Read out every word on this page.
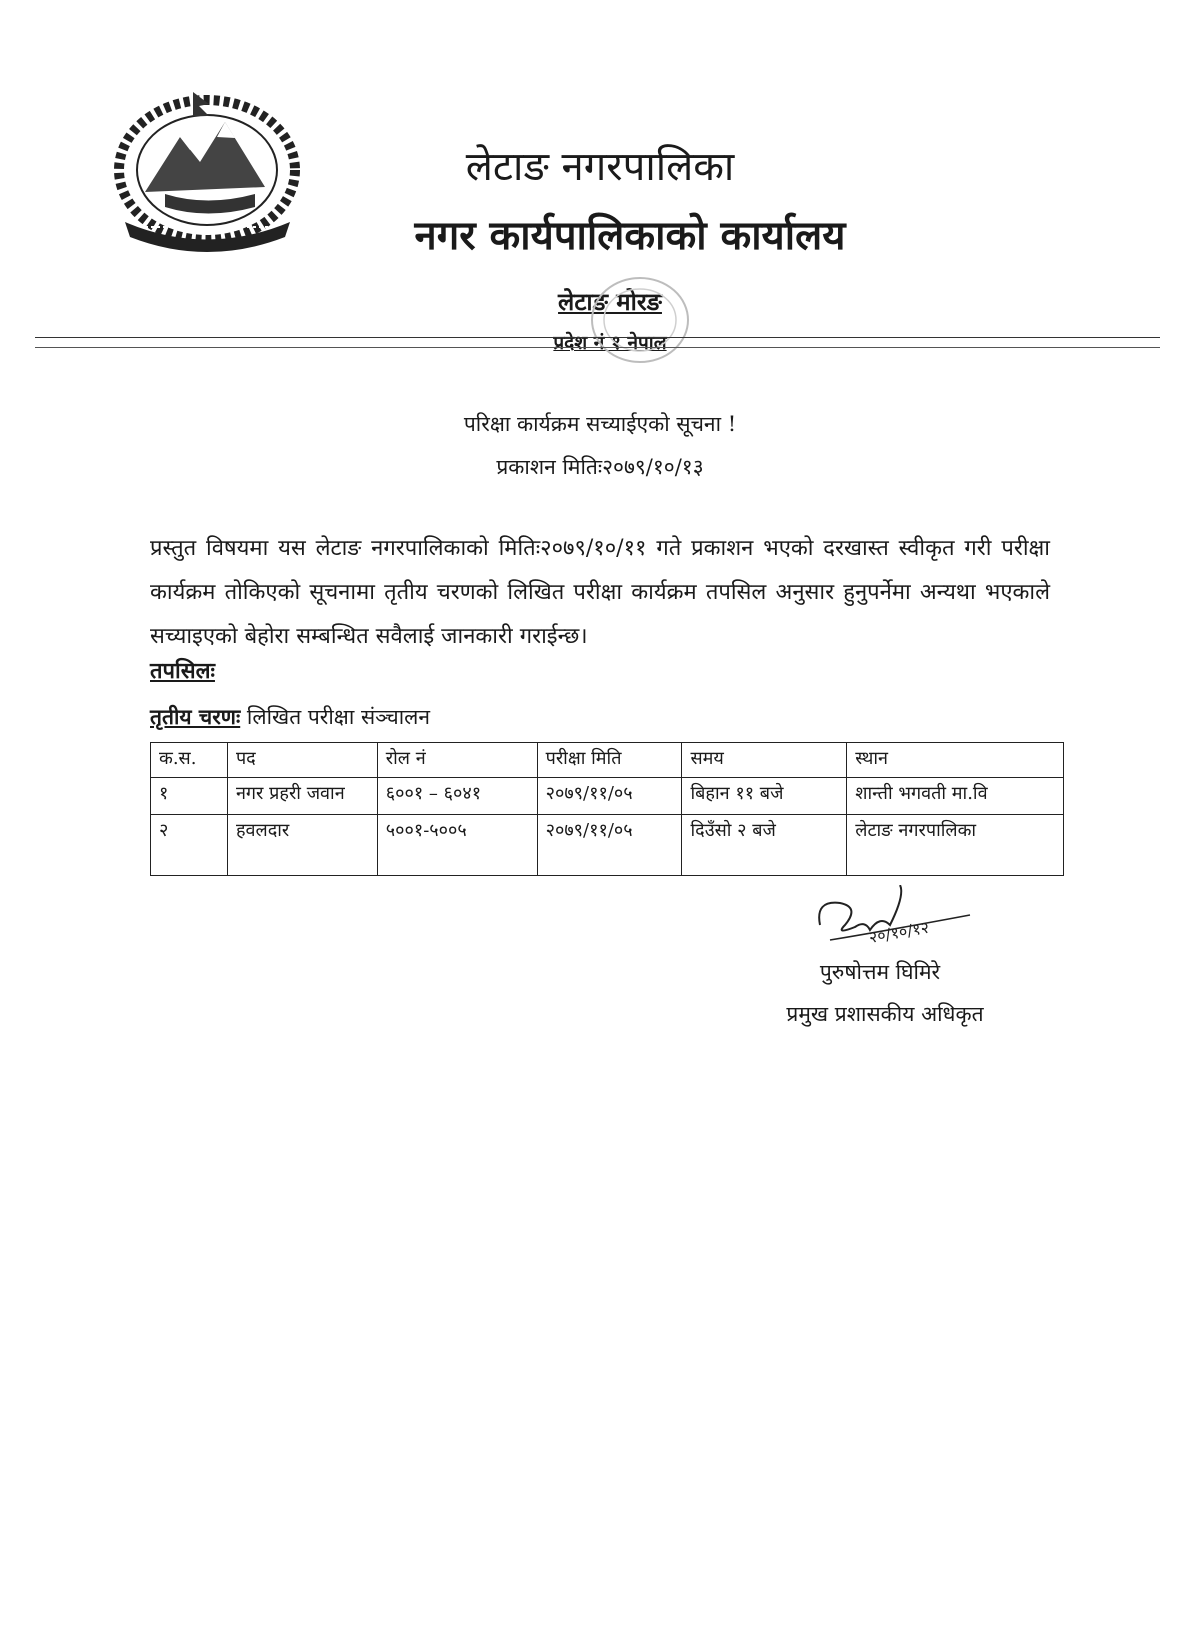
लेटाङ नगरपालिका
नगर कार्यपालिकाको कार्यालय
लेटाङ मोरङ
प्रदेश नं १ नेपाल
परिक्षा कार्यक्रम सच्याईएको सूचना !
प्रकाशन मितिः२०७९/१०/१३
प्रस्तुत विषयमा यस लेटाङ नगरपालिकाको मितिः२०७९/१०/११ गते प्रकाशन भएको दरखास्त स्वीकृत गरी परीक्षा कार्यक्रम तोकिएको सूचनामा तृतीय चरणको लिखित परीक्षा कार्यक्रम तपसिल अनुसार हुनुपर्नेमा अन्यथा भएकाले सच्याइएको बेहोरा सम्बन्धित सवैलाई जानकारी गराईन्छ।
तपसिलः
तृतीय चरणः लिखित परीक्षा संञ्चालन
क.स.	पद	रोल नं	परीक्षा मिति	समय	स्थान
१	नगर प्रहरी जवान	६००१ – ६०४१	२०७९/११/०५	बिहान ११ बजे	शान्ती भगवती मा.वि
२	हवलदार	५००१-५००५	२०७९/११/०५	दिउँसो २ बजे	लेटाङ नगरपालिका
२०/१०/१२
पुरुषोत्तम घिमिरे
प्रमुख प्रशासकीय अधिकृत
